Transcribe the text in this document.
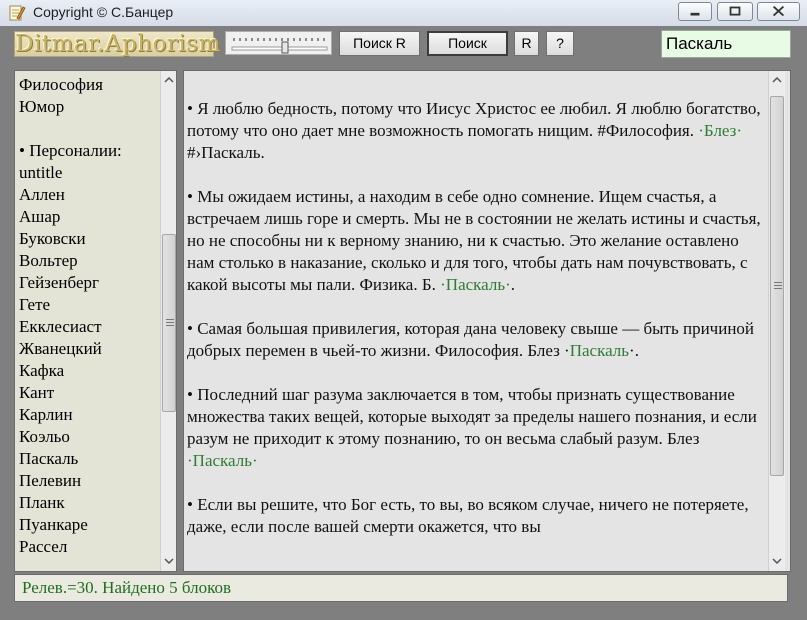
Copyright © С.Банцер
Ditmar.Aphorism	Поиск R	Поиск	R	?
Паскаль
Философия
Юмор
• Персоналии:
untitle
Аллен
Ашар
Буковски
Вольтер
Гейзенберг
Гете
Екклесиаст
Жванецкий
Кафка
Кант
Карлин
Коэльо
Паскаль
Пелевин
Планк
Пуанкаре
Рассел

• Я люблю бедность, потому что Иисус Христос ее любил. Я люблю богатство, потому что оно дает мне возможность помогать нищим. #Философия. ·Блез· #›Паскаль.

• Мы ожидаем истины, а находим в себе одно сомнение. Ищем счастья, а встречаем лишь горе и смерть. Мы не в состоянии не желать истины и счастья, но не способны ни к верному знанию, ни к счастью. Это желание оставлено нам столько в наказание, сколько и для того, чтобы дать нам почувствовать, с какой высоты мы пали. Физика. Б. ·Паскаль·.

• Самая большая привилегия, которая дана человеку свыше — быть причиной добрых перемен в чьей-то жизни. Философия. Блез ·Паскаль·.

• Последний шаг разума заключается в том, чтобы признать существование множества таких вещей, которые выходят за пределы нашего познания, и если разум не приходит к этому познанию, то он весьма слабый разум. Блез ·Паскаль·

• Если вы решите, что Бог есть, то вы, во всяком случае, ничего не потеряете, даже, если после вашей смерти окажется, что вы

Релев.=30. Найдено 5 блоков
